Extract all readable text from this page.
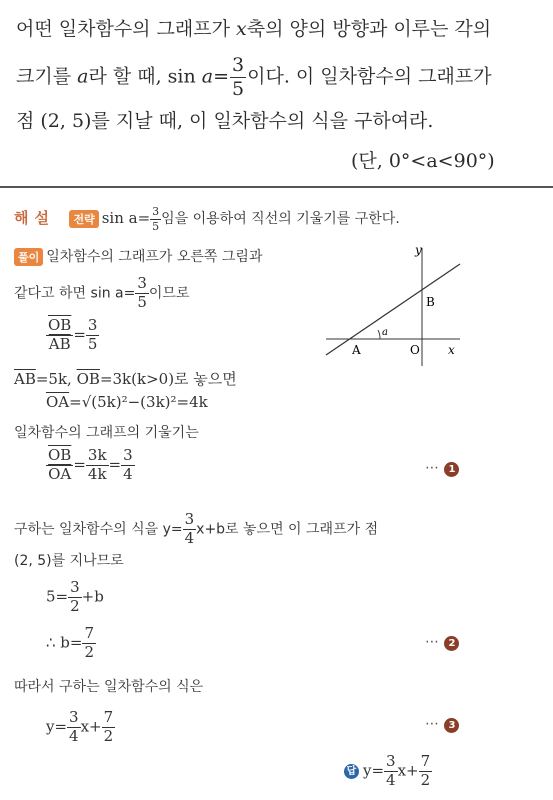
어떤 일차함수의 그래프가 x축의 양의 방향과 이루는 각의
크기를 a라 할 때, $\sin a= \frac{3}{5}$ 이다. 이 일차함수의 그래프가
점 (2, 5)를 지날 때, 이 일차함수의 식을 구하여라.
(단, 0°<a<90°)
해설 전략 $\sin a= \frac{3}{5}$ 임을 이용하여 직선의 기울기를 구한다.
풀이 일차함수의 그래프가 오른쪽 그림과
같다고 하면 $\sin a= \frac{3}{5}$ 이므로
$\frac{\overline{OB}}{AB} = \frac{3}{5}$
$\overline{AB}=5k$, $\overline{OB}=3k(k>0)$로 놓으면
$\overline{OA}=√(5k)^2-(3k)^2=4k$
일차함수의 그래프의 기울기는
$\frac{\overline{OB}}{OA} = \frac{3k}{4k} = \frac{3}{4}$	⋯ 1
구하는 일차함수의 식을 $y= \frac{3}{4} x+b$로 놓으면 이 그래프가 점
(2, 5)를 지나므로
$5= \frac{3}{2} +b$
∴ $b= \frac{7}{2}$	⋯ 2
따라서 구하는 일차함수의 식은
$y= \frac{3}{4} x+ \frac{7}{2}$	⋯ 3
답 $y= \frac{3}{4} x+ \frac{7}{2}$
y
x
B
A	O
a
